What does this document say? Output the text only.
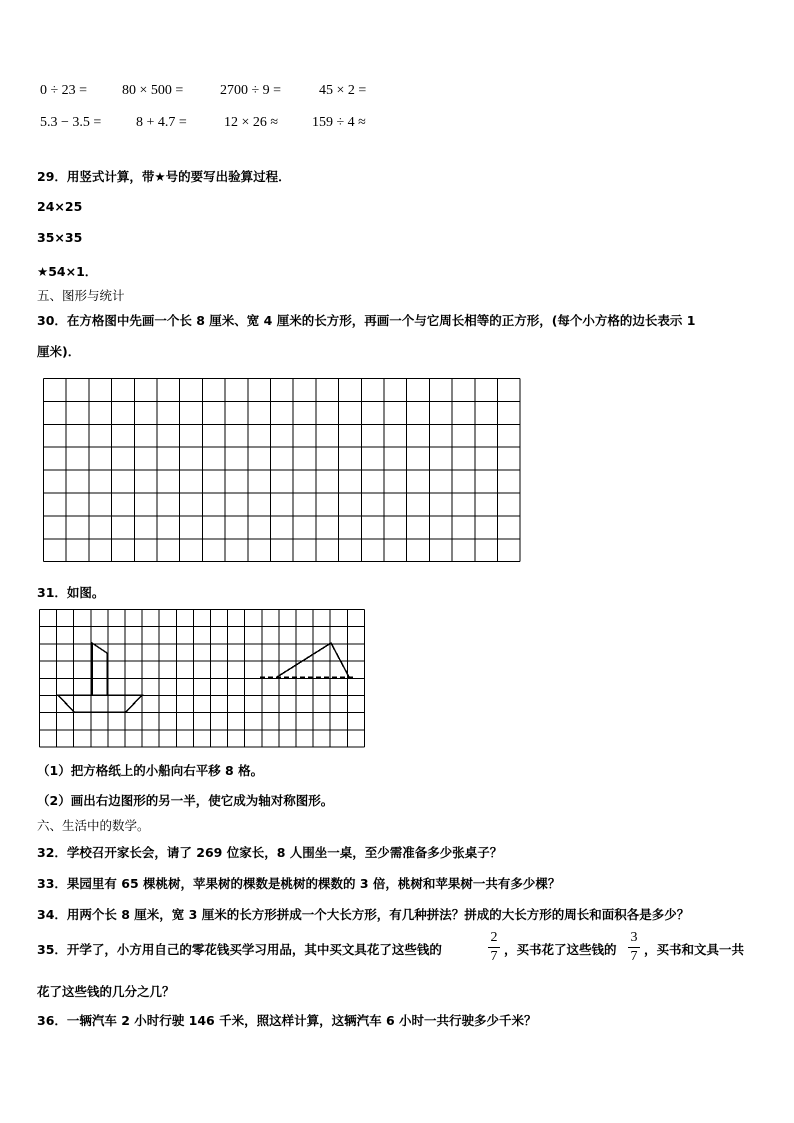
0 ÷ 23 = 80 × 500 =	2700 ÷ 9 =	45 × 2 =
5.3 − 3.5 = 8 + 4.7 =	12 × 26 ≈ 159 ÷ 4 ≈
29．用竖式计算，带★号的要写出验算过程．
24×25
35×35
★54×1．
五、图形与统计
30．在方格图中先画一个长 8 厘米、宽 4 厘米的长方形，再画一个与它周长相等的正方形，(每个小方格的边长表示 1
厘米)．
31．如图。
（1）把方格纸上的小船向右平移 8 格。
（2）画出右边图形的另一半，使它成为轴对称图形。
六、生活中的数学。
32．学校召开家长会，请了 269 位家长，8 人围坐一桌，至少需准备多少张桌子？
33．果园里有 65 棵桃树，苹果树的棵数是桃树的棵数的 3 倍，桃树和苹果树一共有多少棵？
34．用两个长 8 厘米，宽 3 厘米的长方形拼成一个大长方形，有几种拼法？拼成的大长方形的周长和面积各是多少？
35．开学了，小方用自己的零花钱买学习用品，其中买文具花了这些钱的
2
7 ，买书花了这些钱的
3
7 ，买书和文具一共
花了这些钱的几分之几？
36．一辆汽车 2 小时行驶 146 千米，照这样计算，这辆汽车 6 小时一共行驶多少千米？
